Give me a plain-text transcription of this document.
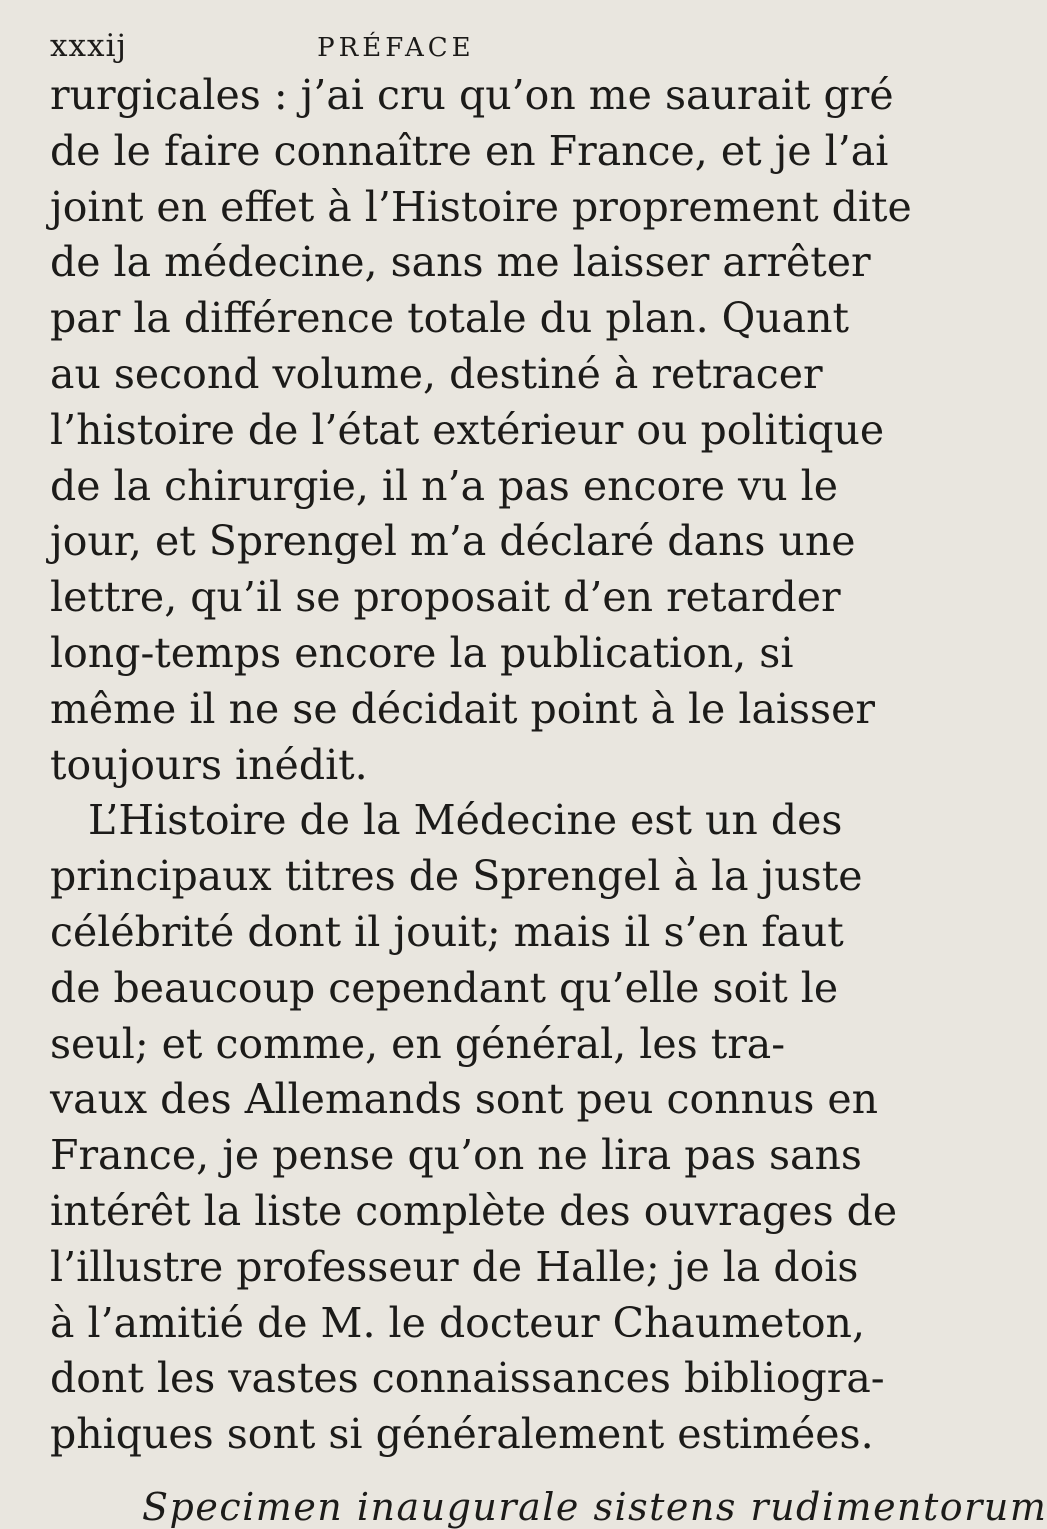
xxxij	PRÉFACE
rurgicales : j’ai cru qu’on me saurait gré
de le faire connaître en France, et je l’ai
joint en effet à l’Histoire proprement dite
de la médecine, sans me laisser arrêter
par la différence totale du plan. Quant
au second volume, destiné à retracer
l’histoire de l’état extérieur ou politique
de la chirurgie, il n’a pas encore vu le
jour, et Sprengel m’a déclaré dans une
lettre, qu’il se proposait d’en retarder
long-temps encore la publication, si
même il ne se décidait point à le laisser
toujours inédit.
L’Histoire de la Médecine est un des
principaux titres de Sprengel à la juste
célébrité dont il jouit; mais il s’en faut
de beaucoup cependant qu’elle soit le
seul; et comme, en général, les tra-
vaux des Allemands sont peu connus en
France, je pense qu’on ne lira pas sans
intérêt la liste complète des ouvrages de
l’illustre professeur de Halle; je la dois
à l’amitié de M. le docteur Chaumeton,
dont les vastes connaissances bibliogra-
phiques sont si généralement estimées.
Specimen inaugurale sistens rudimentorum
